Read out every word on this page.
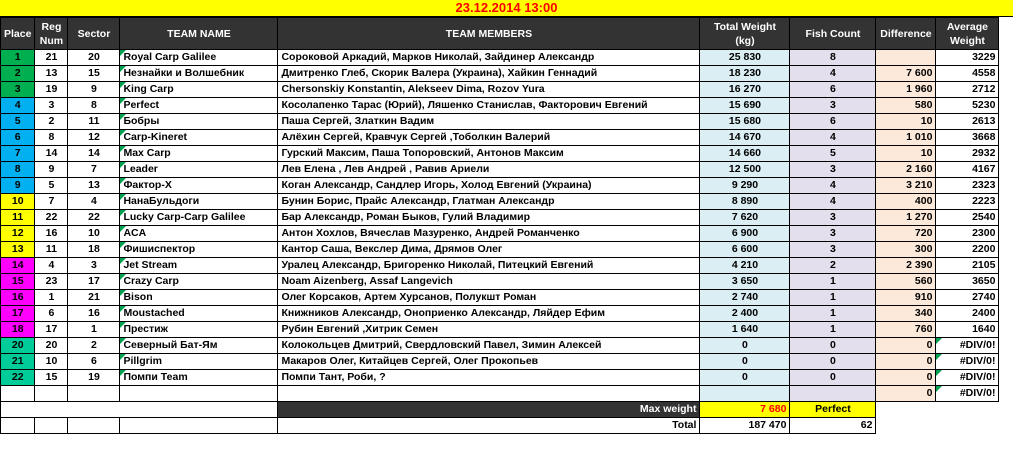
23.12.2014 13:00
Place	Reg Num	Sector	TEAM NAME	TEAM MEMBERS	Total Weight (kg)	Fish Count	Difference	Average Weight
1	21	20	Royal Carp Galilee	Сороковой Аркадий, Марков Николай, Зайдинер Александр	25 830	8		3229
2	13	15	Незнайки и Волшебник	Дмитренко Глеб, Скорик Валера (Украина), Хайкин Геннадий	18 230	4	7 600	4558
3	19	9	King Carp	Chersonskiy Konstantin, Alekseev Dima, Rozov Yura	16 270	6	1 960	2712
4	3	8	Perfect	Косолапенко Тарас (Юрий), Ляшенко Станислав, Факторович Евгений	15 690	3	580	5230
5	2	11	Бобры	Паша Сергей, Златкин Вадим	15 680	6	10	2613
6	8	12	Carp-Kineret	Алёхин Сергей, Кравчук Сергей ,Тоболкин Валерий	14 670	4	1 010	3668
7	14	14	Max Carp	Гурский Максим, Паша Топоровский, Антонов Максим	14 660	5	10	2932
8	9	7	Leader	Лев Елена , Лев Андрей , Равив Ариели	12 500	3	2 160	4167
9	5	13	Фактор-Х	Коган Александр, Сандлер Игорь, Холод Евгений (Украина)	9 290	4	3 210	2323
10	7	4	НанаБульдоги	Бунин Борис, Прайс Александр, Глатман Александр	8 890	4	400	2223
11	22	22	Lucky Carp-Carp Galilee	Бар Александр, Роман Быков, Гулий Владимир	7 620	3	1 270	2540
12	16	10	ACA	Антон Хохлов, Вячеслав Мазуренко, Андрей Романченко	6 900	3	720	2300
13	11	18	Фишиспектор	Кантор Саша, Векслер Дима, Дрямов Олег	6 600	3	300	2200
14	4	3	Jet Stream	Уралец Александр, Бригоренко Николай, Питецкий Евгений	4 210	2	2 390	2105
15	23	17	Crazy Carp	Noam Aizenberg, Assaf Langevich	3 650	1	560	3650
16	1	21	Bison	Олег Корсаков, Артем Хурсанов, Полукшт Роман	2 740	1	910	2740
17	6	16	Moustached	Книжников Александр, Оноприенко Александр, Ляйдер Ефим	2 400	1	340	2400
18	17	1	Престиж	Рубин Евгений ,Хитрик Семен	1 640	1	760	1640
20	20	2	Северный Бат-Ям	Колокольцев Дмитрий, Свердловский Павел, Зимин Алексей	0	0	0	#DIV/0!
21	10	6	Pillgrim	Макаров Олег, Китайцев Сергей, Олег Прокопьев	0	0	0	#DIV/0!
22	15	19	Помпи Теam	Помпи Тант, Роби, ?	0	0	0	#DIV/0!
							0	#DIV/0!
				Max weight	7 680	Perfect		
				Total	187 470	62		
